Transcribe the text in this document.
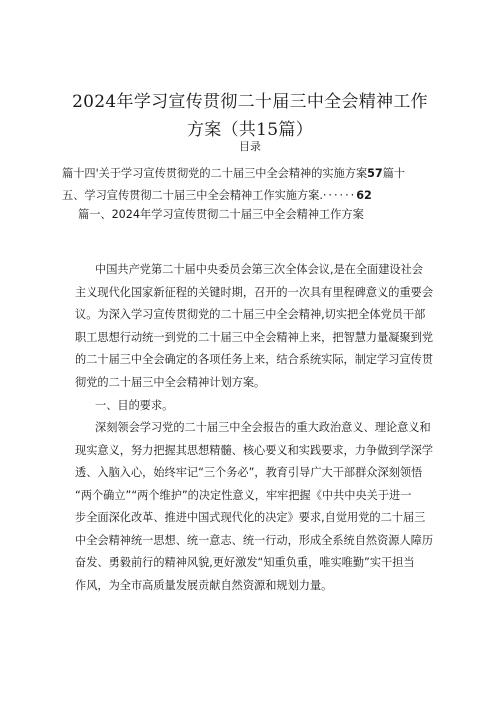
2024年学习宣传贯彻二十届三中全会精神工作
方案（共15篇）
目录
篇十四'关于学习宣传贯彻党的二十届三中全会精神的实施方案57篇十
五、学习宣传贯彻二十届三中全会精神工作实施方案.······62
篇一、2024年学习宣传贯彻二十届三中全会精神工作方案
中国共产党第二十届中央委员会第三次全体会议,是在全面建设社会
主义现代化国家新征程的关键时期，召开的一次具有里程碑意义的重要会
议。为深入学习宣传贯彻党的二十届三中全会精神,切实把全体党员干部
职工思想行动统一到党的二十届三中全会精神上来，把智慧力量凝聚到党
的二十届三中全会确定的各项任务上来，结合系统实际，制定学习宣传贯
彻党的二十届三中全会精神计划方案。
一、目的要求。
深刻领会学习党的二十届三中全会报告的重大政治意义、理论意义和
现实意义，努力把握其思想精髓、核心要义和实践要求，力争做到学深学
透、入脑入心，始终牢记“三个务必”，教育引导广大干部群众深刻领悟
“两个确立”“两个维护”的决定性意义，牢牢把握《中共中央关于进一
步全面深化改革、推进中国式现代化的决定》要求,自觉用党的二十届三
中全会精神统一思想、统一意志、统一行动，形成全系统自然资源人障历
奋发、勇毅前行的精神风貌,更好激发“知重负重，唯实唯勤”实干担当
作风，为全市高质量发展贡献自然资源和规划力量。
